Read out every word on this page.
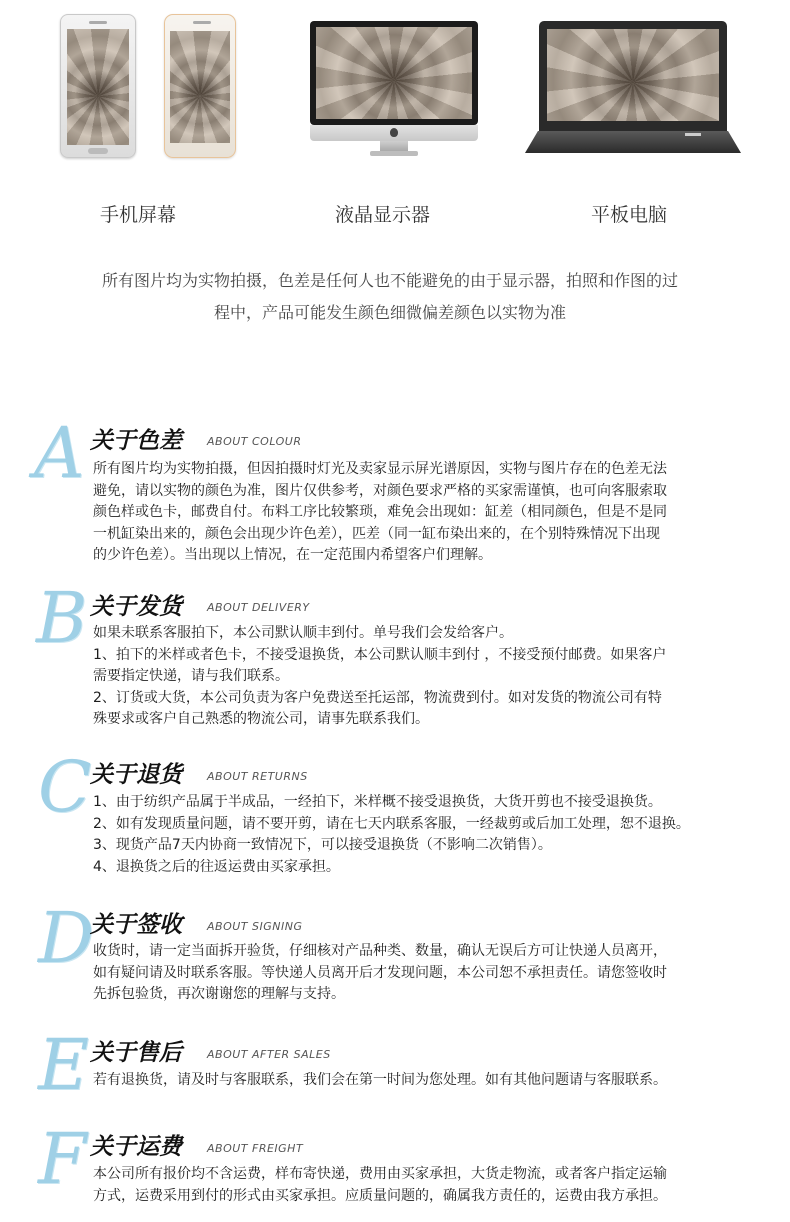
手机屏幕	液晶显示器	平板电脑
所有图片均为实物拍摄，色差是任何人也不能避免的由于显示器，拍照和作图的过
程中，产品可能发生颜色细微偏差颜色以实物为准
A 关于色差 ABOUT COLOUR

所有图片均为实物拍摄，但因拍摄时灯光及卖家显示屏光谱原因，实物与图片存在的色差无法

避免，请以实物的颜色为准，图片仅供参考，对颜色要求严格的买家需谨慎，也可向客服索取

颜色样或色卡，邮费自付。布料工序比较繁琐，难免会出现如：缸差（相同颜色，但是不是同

一机缸染出来的，颜色会出现少许色差），匹差（同一缸布染出来的，在个别特殊情况下出现

的少许色差）。当出现以上情况，在一定范围内希望客户们理解。

B 关于发货 ABOUT DELIVERY

如果未联系客服拍下，本公司默认顺丰到付。单号我们会发给客户。

1、拍下的米样或者色卡，不接受退换货，本公司默认顺丰到付 ，不接受预付邮费。如果客户

需要指定快递，请与我们联系。

2、订货或大货，本公司负责为客户免费送至托运部，物流费到付。如对发货的物流公司有特

殊要求或客户自己熟悉的物流公司，请事先联系我们。

C
关于退货 ABOUT RETURNS

1、由于纺织产品属于半成品，一经拍下，米样概不接受退换货，大货开剪也不接受退换货。

2、如有发现质量问题，请不要开剪，请在七天内联系客服，一经裁剪或后加工处理，恕不退换。

3、现货产品7天内协商一致情况下，可以接受退换货（不影响二次销售）。

4、退换货之后的往返运费由买家承担。

D
关于签收 ABOUT SIGNING

收货时，请一定当面拆开验货，仔细核对产品种类、数量，确认无误后方可让快递人员离开，

如有疑问请及时联系客服。等快递人员离开后才发现问题，本公司恕不承担责任。请您签收时

先拆包验货，再次谢谢您的理解与支持。

E 关于售后 ABOUT AFTER SALES

若有退换货，请及时与客服联系，我们会在第一时间为您处理。如有其他问题请与客服联系。

F 关于运费 ABOUT FREIGHT

本公司所有报价均不含运费，样布寄快递，费用由买家承担，大货走物流，或者客户指定运输

方式，运费采用到付的形式由买家承担。应质量问题的，确属我方责任的，运费由我方承担。
